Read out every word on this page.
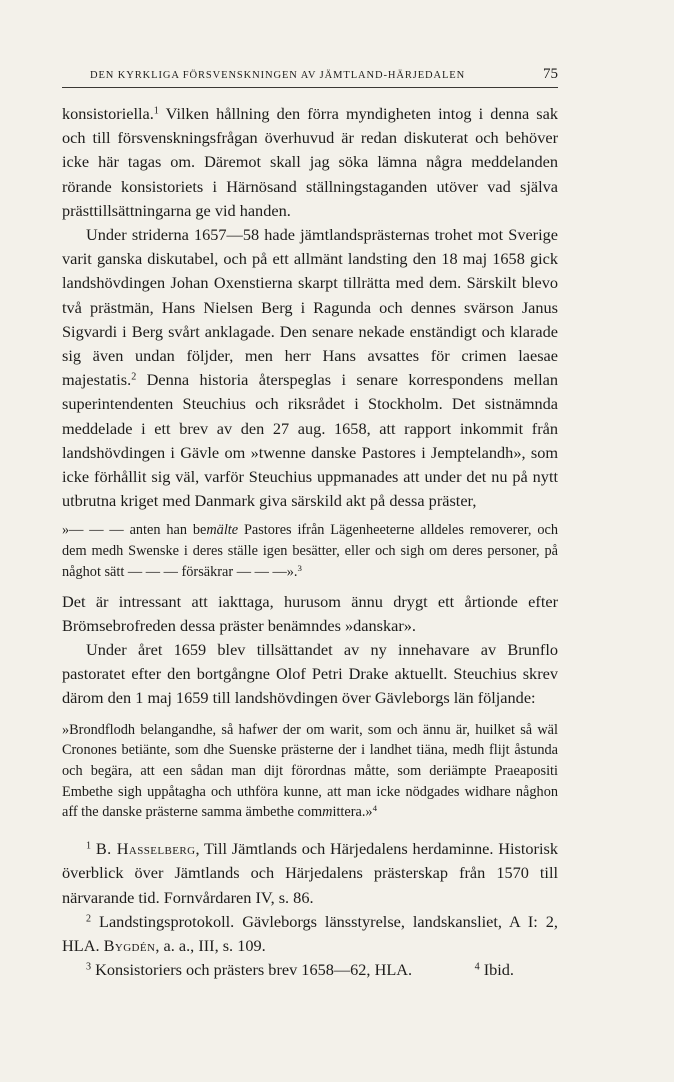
DEN KYRKLIGA FÖRSVENSKNINGEN AV JÄMTLAND-HÄRJEDALEN	75

konsistoriella.$^1$ Vilken hållning den förra myndigheten intog i denna sak och till försvenskningsfrågan överhuvud är redan diskuterat och behöver icke här tagas om. Däremot skall jag söka lämna några meddelanden rörande konsistoriets i Härnösand ställningstaganden utöver vad själva prästtillsättningarna ge vid handen.

Under striderna 1657—58 hade jämtlandsprästernas trohet mot Sverige varit ganska diskutabel, och på ett allmänt landsting den 18 maj 1658 gick landshövdingen Johan Oxenstierna skarpt tillrätta med dem. Särskilt blevo två prästmän, Hans Nielsen Berg i Ragunda och dennes svärson Janus Sigvardi i Berg svårt anklagade. Den senare nekade enständigt och klarade sig även undan följder, men herr Hans avsattes för crimen laesae majestatis.$^2$ Denna historia återspeglas i senare korrespondens mellan superintendenten Steuchius och riksrådet i Stockholm. Det sistnämnda meddelade i ett brev av den 27 aug. 1658, att rapport inkommit från landshövdingen i Gävle om »twenne danske Pastores i Jemptelandh», som icke förhållit sig väl, varför Steuchius uppmanades att under det nu på nytt utbrutna kriget med Danmark giva särskild akt på dessa präster,

»— — — anten han bemälte Pastores ifrån Lägenheeterne alldeles removerer, och dem medh Swenske i deres ställe igen besätter, eller och sigh om deres personer, på någhot sätt — — — försäkrar — — —».$^3$

Det är intressant att iakttaga, hurusom ännu drygt ett årtionde efter Brömsebrofreden dessa präster benämndes »danskar».

Under året 1659 blev tillsättandet av ny innehavare av Brunflo pastoratet efter den bortgångne Olof Petri Drake aktuellt. Steuchius skrev därom den 1 maj 1659 till landshövdingen över Gävleborgs län följande:

»Brondflodh belangandhe, så hafwer der om warit, som och ännu är, huilket så wäl Cronones betiänte, som dhe Suenske prästerne der i landhet tiäna, medh flijt åstunda och begära, att een sådan man dijt förordnas måtte, som deriämpte Praeapositi Embethe sigh uppåtagha och uthföra kunne, att man icke nödgades widhare någhon aff the danske prästerne samma ämbethe committera.»$^4$

$^1$ B. Hasselberg, Till Jämtlands och Härjedalens herdaminne. Historisk överblick över Jämtlands och Härjedalens prästerskap från 1570 till närvarande tid. Fornvårdaren IV, s. 86.

$^2$ Landstingsprotokoll. Gävleborgs länsstyrelse, landskansliet, A I: 2, HLA. Bygdén, a. a., III, s. 109.

$^3$ Konsistoriers och prästers brev 1658—62, HLA.	$^4$ Ibid.
